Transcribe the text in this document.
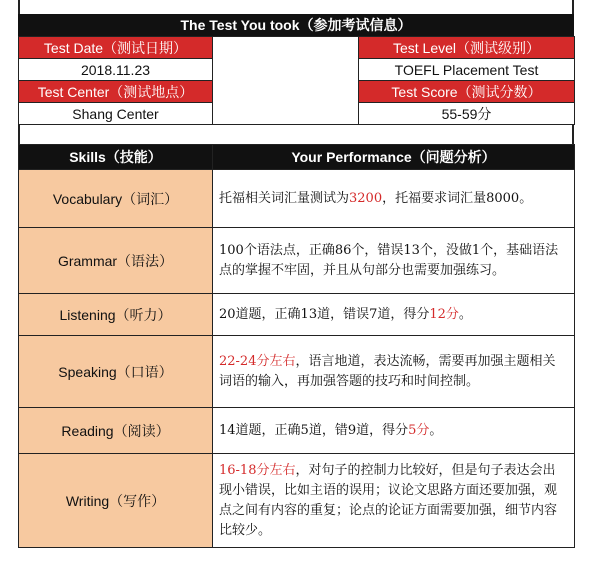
The Test You took（参加考试信息）
Test Date（测试日期）		Test Level（测试级别）
2018.11.23		TOEFL Placement Test
Test Center（测试地点）		Test Score（测试分数）
Shang Center		55-59分
Skills（技能）	Your Performance（问题分析）
Vocabulary（词汇）	托福相关词汇量测试为3200，托福要求词汇量8000。
Grammar（语法）	100个语法点，正确86个，错误13个，没做1个，基础语法点的掌握不牢固，并且从句部分也需要加强练习。
Listening（听力）	20道题，正确13道，错误7道，得分12分。
Speaking（口语）	22-24分左右，语言地道，表达流畅，需要再加强主题相关词语的输入，再加强答题的技巧和时间控制。
Reading（阅读）	14道题，正确5道，错9道，得分5分。
Writing（写作）	16-18分左右，对句子的控制力比较好，但是句子表达会出现小错误，比如主语的误用；议论文思路方面还要加强，观点之间有内容的重复；论点的论证方面需要加强，细节内容比较少。
